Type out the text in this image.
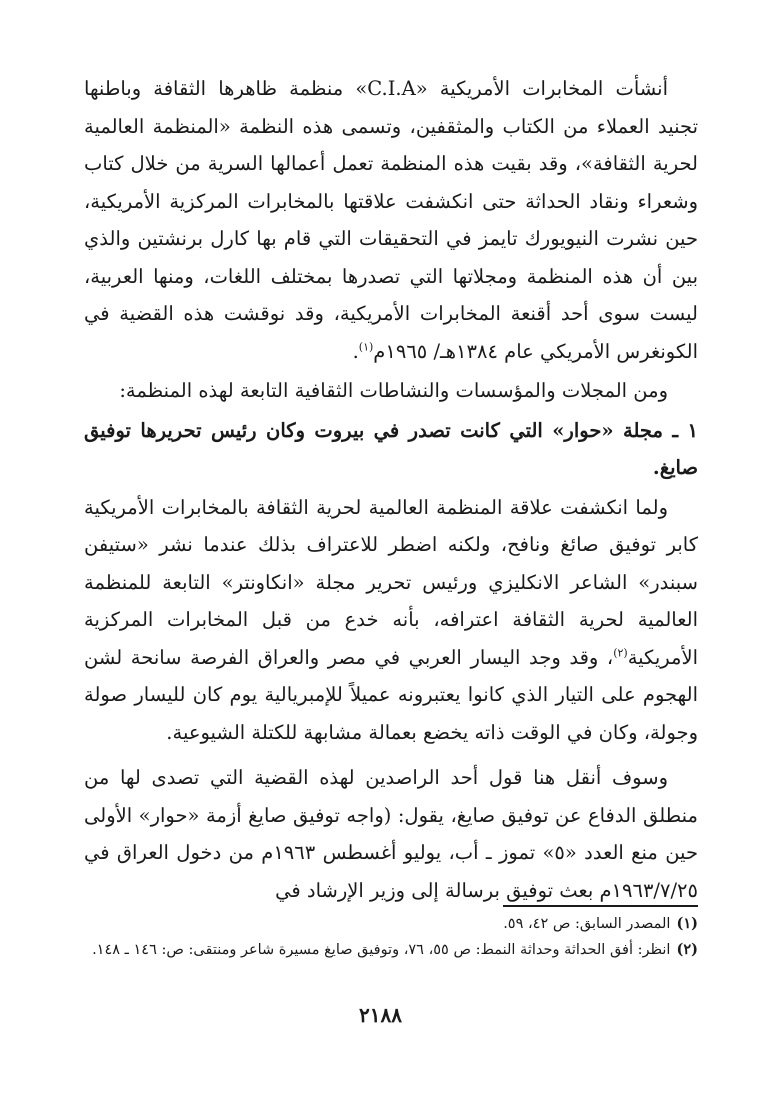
أنشأت المخابرات الأمريكية «C.I.A» منظمة ظاهرها الثقافة وباطنها تجنيد العملاء من الكتاب والمثقفين، وتسمى هذه النظمة «المنظمة العالمية لحرية الثقافة»، وقد بقيت هذه المنظمة تعمل أعمالها السرية من خلال كتاب وشعراء ونقاد الحداثة حتى انكشفت علاقتها بالمخابرات المركزية الأمريكية، حين نشرت النيويورك تايمز في التحقيقات التي قام بها كارل برنشتين والذي بين أن هذه المنظمة ومجلاتها التي تصدرها بمختلف اللغات، ومنها العربية، ليست سوى أحد أقنعة المخابرات الأمريكية، وقد نوقشت هذه القضية في الكونغرس الأمريكي عام ١٣٨٤هـ/ ١٩٦٥م$^{(١)}$.

ومن المجلات والمؤسسات والنشاطات الثقافية التابعة لهذه المنظمة:

١ ـ مجلة «حوار» التي كانت تصدر في بيروت وكان رئيس تحريرها توفيق صايغ.

ولما انكشفت علاقة المنظمة العالمية لحرية الثقافة بالمخابرات الأمريكية كابر توفيق صائغ ونافح، ولكنه اضطر للاعتراف بذلك عندما نشر «ستيفن سبندر» الشاعر الانكليزي ورئيس تحرير مجلة «انكاونتر» التابعة للمنظمة العالمية لحرية الثقافة اعترافه، بأنه خدع من قبل المخابرات المركزية الأمريكية$^{(٢)}$، وقد وجد اليسار العربي في مصر والعراق الفرصة سانحة لشن الهجوم على التيار الذي كانوا يعتبرونه عميلاً للإمبريالية يوم كان لليسار صولة وجولة، وكان في الوقت ذاته يخضع بعمالة مشابهة للكتلة الشيوعية.

وسوف أنقل هنا قول أحد الراصدين لهذه القضية التي تصدى لها من منطلق الدفاع عن توفيق صايغ، يقول: (واجه توفيق صايغ أزمة «حوار» الأولى حين منع العدد «٥» تموز ـ أب، يوليو أغسطس ١٩٦٣م من دخول العراق في ١٩٦٣/٧/٢٥م بعث توفيق برسالة إلى وزير الإرشاد في

(١)المصدر السابق: ص ٤٢، ٥٩.

(٢)انظر: أفق الحداثة وحداثة النمط: ص ٥٥، ٧٦، وتوفيق صايغ مسيرة شاعر ومنتقى: ص: ١٤٦ ـ ١٤٨.

٢١٨٨
